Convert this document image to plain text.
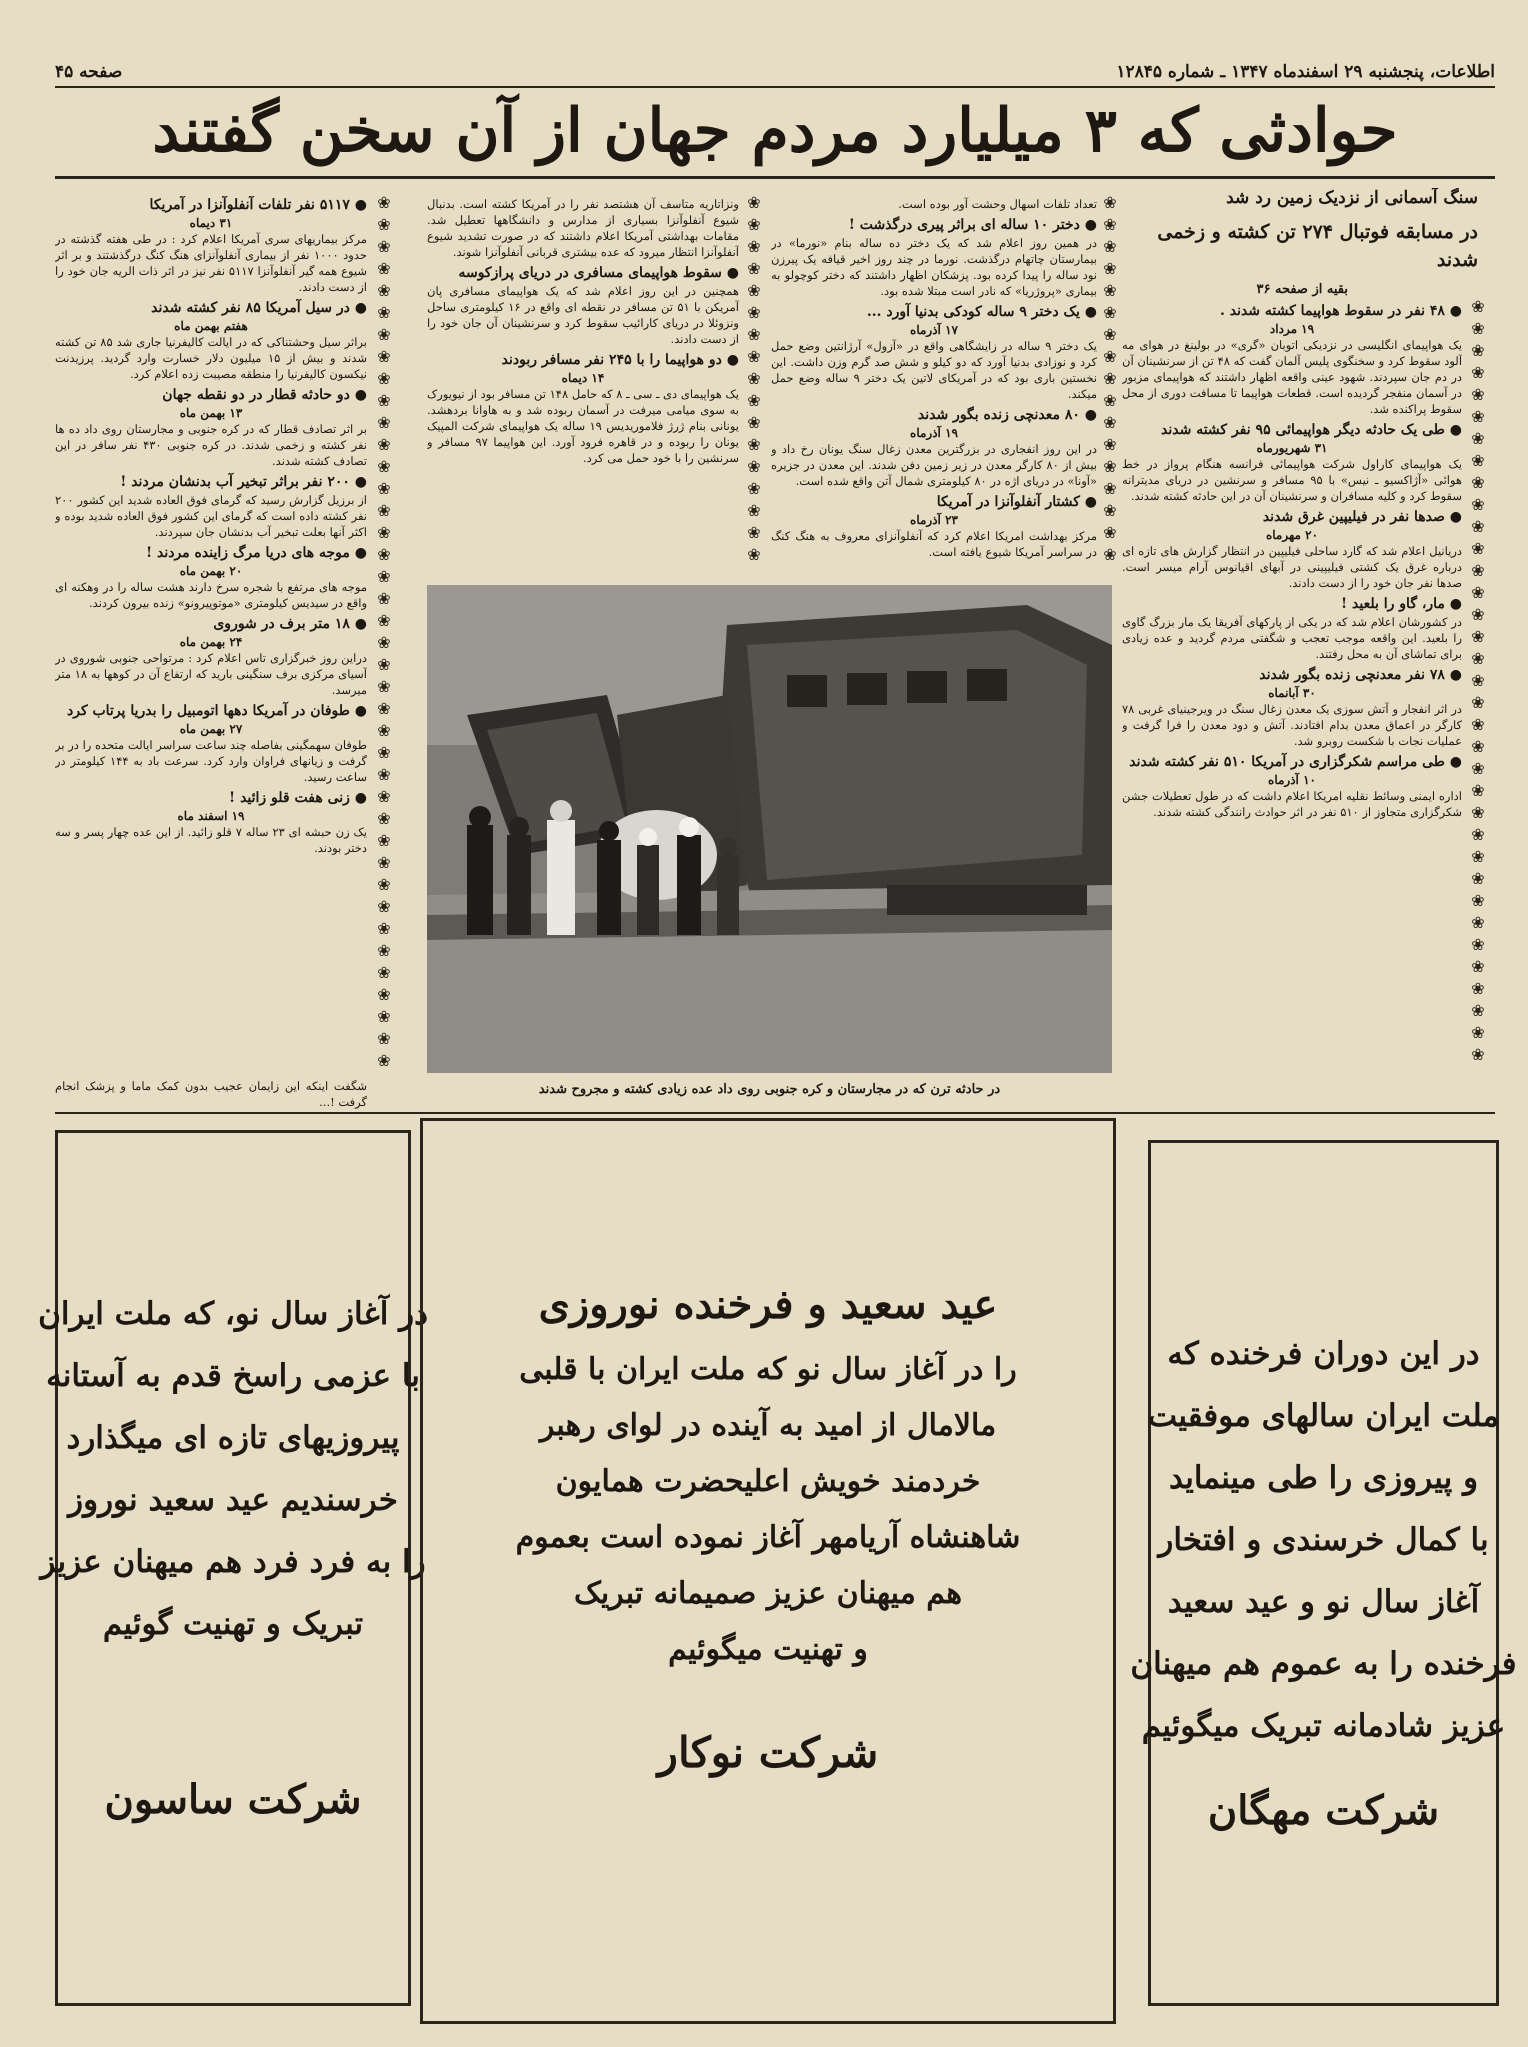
اطلاعات، پنجشنبه ۲۹ اسفندماه ۱۳۴۷ ـ شماره ۱۲۸۴۵
صفحه ۴۵
حوادثی که ۳ میلیارد مردم جهان از آن سخن گفتند
سنگ آسمانی از نزدیک زمین رد شد
در مسابقه فوتبال ۲۷۴ تن کشته و زخمی شدند
بقیه از صفحه ۳۶
● ۴۸ نفر در سقوط هواپیما کشته شدند .
۱۹ مرداد
یک هواپیمای انگلیسی در نزدیکی اتوبان «گری» در بولینغ در هوای مه آلود سقوط کرد و سخنگوی پلیس آلمان گفت که ۴۸ تن از سرنشینان آن در دم جان سپردند. شهود عینی واقعه اظهار داشتند که هواپیمای مزبور در آسمان منفجر گردیده است. قطعات هواپیما تا مسافت دوری از محل سقوط پراکنده شد.
● طی یک حادثه دیگر هواپیمائی ۹۵ نفر کشته شدند
۳۱ شهریورماه
یک هواپیمای کاراول شرکت هواپیمائی فرانسه هنگام پرواز در خط هوائی «آژاکسیو ـ نیس» با ۹۵ مسافر و سرنشین در دریای مدیترانه سقوط کرد و کلیه مسافران و سرنشینان آن در این حادثه کشته شدند.
● صدها نفر در فیلیپین غرق شدند
۲۰ مهرماه
دریانیل اعلام شد که گارد ساحلی فیلیپین در انتظار گزارش های تازه ای درباره غرق یک کشتی فیلیپینی در آبهای اقیانوس آرام میسر است. صدها نفر جان خود را از دست دادند.
● مار، گاو را بلعید !
در کشورشان اعلام شد که در یکی از پارکهای آفریقا یک مار بزرگ گاوی را بلعید. این واقعه موجب تعجب و شگفتی مردم گردید و عده زیادی برای تماشای آن به محل رفتند.
● ۷۸ نفر معدنچی زنده بگور شدند
۳۰ آبانماه
در اثر انفجار و آتش سوزی یک معدن زغال سنگ در ویرجینیای غربی ۷۸ کارگر در اعماق معدن بدام افتادند. آتش و دود معدن را فرا گرفت و عملیات نجات با شکست روبرو شد.
● طی مراسم شکرگزاری در آمریکا ۵۱۰ نفر کشته شدند
۱۰ آذرماه
اداره ایمنی وسائط نقلیه امریکا اعلام داشت که در طول تعطیلات جشن شکرگزاری متجاوز از ۵۱۰ نفر در اثر حوادث رانندگی کشته شدند.
❀
❀
❀
❀
❀
❀
❀
❀
❀
❀
❀
❀
❀
❀
❀
❀
❀
❀
❀
❀
❀
❀
❀
❀
❀
❀
❀
❀
❀
❀
❀
❀
❀
❀
❀
تعداد تلفات اسهال وحشت آور بوده است.
● دختر ۱۰ ساله ای براثر پیری درگذشت !
در همین روز اعلام شد که یک دختر ده ساله بنام «نورما» در بیمارستان چاتهام درگذشت. نورما در چند روز اخیر قیافه یک پیرزن نود ساله را پیدا کرده بود. پزشکان اظهار داشتند که دختر کوچولو به بیماری «پروژریا» که نادر است مبتلا شده بود.
● یک دختر ۹ ساله کودکی بدنیا آورد ...
۱۷ آذرماه
یک دختر ۹ ساله در زایشگاهی واقع در «آزول» آرژانتین وضع حمل کرد و نوزادی بدنیا آورد که دو کیلو و شش صد گرم وزن داشت. این نخستین باری بود که در آمریکای لاتین یک دختر ۹ ساله وضع حمل میکند.
● ۸۰ معدنچی زنده بگور شدند
۱۹ آذرماه
در این روز انفجاری در بزرگترین معدن زغال سنگ یونان رخ داد و بیش از ۸۰ کارگر معدن در زیر زمین دفن شدند. این معدن در جزیره «آونا» در دریای اژه در ۸۰ کیلومتری شمال آتن واقع شده است.
● کشتار آنفلوآنزا در آمریکا
۲۳ آذرماه
مرکز بهداشت امریکا اعلام کرد که آنفلوآنزای معروف به هنگ کنگ در سراسر آمریکا شیوع یافته است.
❀
❀
❀
❀
❀
❀
❀
❀
❀
❀
❀
❀
❀
❀
❀
❀
❀
ونزاتاریه متاسف آن هشتصد نفر را در آمریکا کشته است. بدنبال شیوع آنفلوآنزا بسیاری از مدارس و دانشگاهها تعطیل شد. مقامات بهداشتی آمریکا اعلام داشتند که در صورت تشدید شیوع آنفلوآنزا انتظار میرود که عده بیشتری قربانی آنفلوآنزا شوند.
● سقوط هواپیمای مسافری در دریای پرازکوسه
همچنین در این روز اعلام شد که یک هواپیمای مسافری پان آمریکن با ۵۱ تن مسافر در نقطه ای واقع در ۱۶ کیلومتری ساحل ونزوئلا در دریای کارائیب سقوط کرد و سرنشینان آن جان خود را از دست دادند.
● دو هواپیما را با ۲۴۵ نفر مسافر ربودند
۱۴ دیماه
یک هواپیمای دی ـ سی ـ ۸ که حامل ۱۴۸ تن مسافر بود از نیویورک به سوی میامی میرفت در آسمان ربوده شد و به هاوانا بردهشد. یونانی بنام ژرژ فلاموریدیس ۱۹ ساله یک هواپیمای شرکت المپیک یونان را ربوده و در قاهره فرود آورد. این هواپیما ۹۷ مسافر و سرنشین را با خود حمل می کرد.
❀
❀
❀
❀
❀
❀
❀
❀
❀
❀
❀
❀
❀
❀
❀
❀
❀
● ۵۱۱۷ نفر تلفات آنفلوآنزا در آمریکا
۳۱ دیماه
مرکز بیماریهای سری آمریکا اعلام کرد : در طی هفته گذشته در حدود ۱۰۰۰ نفر از بیماری آنفلوآنزای هنگ کنگ درگذشتند و بر اثر شیوع همه گیر آنفلوآنزا ۵۱۱۷ نفر نیز در اثر ذات الریه جان خود را از دست دادند.
● در سیل آمریکا ۸۵ نفر کشته شدند
هفتم بهمن ماه
براثر سیل وحشتناکی که در ایالت کالیفرنیا جاری شد ۸۵ تن کشته شدند و بیش از ۱۵ میلیون دلار خسارت وارد گردید. پرزیدنت نیکسون کالیفرنیا را منطقه مصیبت زده اعلام کرد.
● دو حادثه قطار در دو نقطه جهان
۱۳ بهمن ماه
بر اثر تصادف قطار که در کره جنوبی و مجارستان روی داد ده ها نفر کشته و زخمی شدند. در کره جنوبی ۴۳۰ نفر سافر در این تصادف کشته شدند.
● ۲۰۰ نفر براثر تبخیر آب بدنشان مردند !
از برزیل گزارش رسید که گرمای فوق العاده شدید این کشور ۲۰۰ نفر کشته داده است که گرمای این کشور فوق العاده شدید بوده و اکثر آنها بعلت تبخیر آب بدنشان جان سپردند.
● موجه های دریا مرگ زاینده مردند !
۲۰ بهمن ماه
موجه های مرتفع با شجره سرخ دارند هشت ساله را در وهکنه ای واقع در سیدیس کیلومتری «موتوپیرونو» زنده بیرون کردند.
● ۱۸ متر برف در شوروی
۲۴ بهمن ماه
دراین روز خبرگزاری تاس اعلام کرد : مرتواحی جنوبی شوروی در آسیای مرکزی برف سنگینی بارید که ارتفاع آن در کوهها به ۱۸ متر میرسد.
● طوفان در آمریکا دهها اتومبیل را بدریا پرتاب کرد
۲۷ بهمن ماه
طوفان سهمگینی بفاصله چند ساعت سراسر ایالت متحده را در بر گرفت و زیانهای فراوان وارد کرد. سرعت باد به ۱۴۴ کیلومتر در ساعت رسید.
● زنی هفت قلو زائید !
۱۹ اسفند ماه
یک زن حبشه ای ۲۳ ساله ۷ قلو زائید. از این عده چهار پسر و سه دختر بودند.
❀
❀
❀
❀
❀
❀
❀
❀
❀
❀
❀
❀
❀
❀
❀
❀
❀
❀
❀
❀
❀
❀
❀
❀
❀
❀
❀
❀
❀
❀
❀
❀
❀
❀
❀
❀
❀
❀
❀
❀
شگفت اینکه این زایمان عجیب بدون کمک ماما و پزشک انجام گرفت !...
در حادثه ترن که در مجارستان و کره جنوبی روی داد عده زیادی کشته و مجروح شدند
در آغاز سال نو، که ملت ایران
با عزمی راسخ قدم به آستانه
پیروزیهای تازه ای میگذارد
خرسندیم عید سعید نوروز
را به فرد فرد هم میهنان عزیز
تبریک و تهنیت گوئیم
شرکت ساسون
عید سعید و فرخنده نوروزی
را در آغاز سال نو که ملت ایران با قلبی
مالامال از امید به آینده در لوای رهبر
خردمند خویش اعلیحضرت همایون
شاهنشاه آریامهر آغاز نموده است بعموم
هم میهنان عزیز صمیمانه تبریک
و تهنیت میگوئیم
شرکت نوکار
در این دوران فرخنده که
ملت ایران سالهای موفقیت
و پیروزی را طی مینماید
با کمال خرسندی و افتخار
آغاز سال نو و عید سعید
فرخنده را به عموم هم میهنان
عزیز شادمانه تبریک میگوئیم
شرکت مهگان
